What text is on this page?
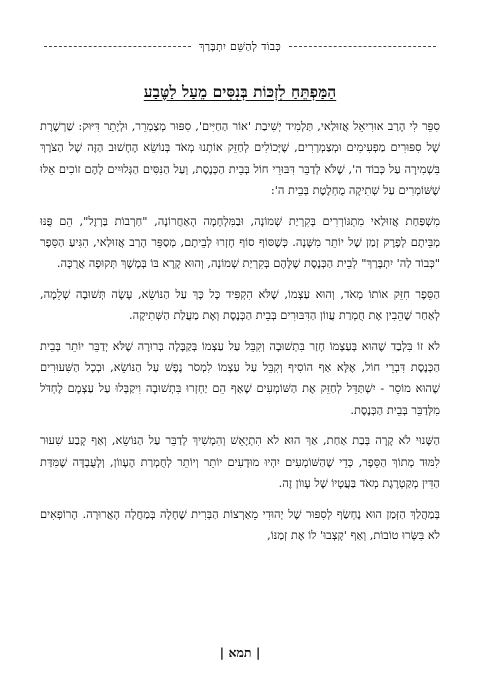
כְּבוֹד לְהַשֵּׁם יִתְבָּרַךְ
הַמַּפְתֵּחַ לִזְכּוֹת בְּנִסִּים מֵעַל לַטֶּבַע

סִפֵּר לִי הָרַב אוּרִיאֵל אֲזוּלַאי, תַּלְמִיד יְשִׁיבַת 'אוֹר הַחַיִּים', סִפּוּר מְצַמְרֵר, וּלְיָתֵר דִּיּוּק: שַׁרְשֶׁרֶת שֶׁל סִפּוּרִים מַפְעִימִים וּמְצַמְרְרִים, שֶׁיְּכוֹלִים לְחַזֵּק אוֹתָנוּ מְאֹד בְּנוֹשֵׂא הֶחָשׁוּב הַזֶּה שֶׁל הַצֹּרֶךְ בִּשְׁמִירָה עַל כְּבוֹד ה', שֶׁלֹּא לְדַבֵּר דִּבּוּרֵי חוֹל בְּבֵית הַכְּנֶסֶת, וְעַל הַנִּסִּים הַגְּלוּיִים לָהֶם זוֹכִים אֵלּוּ שֶׁשּׁוֹמְרִים עַל שְׁתִיקָה מֻחְלֶטֶת בְּבֵית ה':

מִשְׁפַּחַת אֲזוּלַאי מִתְגּוֹרְרִים בְּקִרְיַת שְׁמוֹנָה, וּבַמִּלְחָמָה הָאַחֲרוֹנָה, "חַרְבוֹת בַּרְזֶל", הֵם פֻּנּוּ מְבֵּיתָם לְפֶרֶק זְמַן שֶׁל יוֹתֵר מִשָּׁנָה. כְּשֶׁסּוֹף סוֹף חָזְרוּ לְבֵיתָם, מְסַפֵּר הָרַב אֲזוּלַאי, הִגִּיעַ הַסֵּפֶר "כְּבוֹד לַה' יִתְבָּרַךְ" לְבֵית הַכְּנֶסֶת שֶׁלָּהֶם בְּקִרְיַת שְׁמוֹנָה, וְהוּא קָרָא בּוֹ בְּמֶשֶׁךְ תְּקוּפָה אֲרֻכָּה.

הַסֵּפֶר חִזֵּק אוֹתוֹ מְאֹד, וְהוּא עַצְמוֹ, שֶׁלֹּא הִקְפִּיד כָּל כָּךְ עַל הַנּוֹשֵׂא, עָשָׂה תְּשׁוּבָה שְׁלֵמָה, לְאַחַר שֶׁהֵבִין אֶת חֻמְרַת עֲווֹן הַדִּבּוּרִים בְּבֵית הַכְּנֶסֶת וְאֶת מַעֲלַת הַשְּׁתִיקָה.

לֹא זוֹ בִּלְבַד שֶׁהוּא בְּעַצְמוֹ חָזַר בִּתְשׁוּבָה וְקִבֵּל עַל עַצְמוֹ בְּקַבָּלָה בְּרוּרָה שֶׁלֹּא יְדַבֵּר יוֹתֵר בְּבֵית הַכְּנֶסֶת דִּבְרֵי חוֹל, אֶלָּא אַף הוֹסִיף וְקִבֵּל עַל עַצְמוֹ לִמְסֹר נֶפֶשׁ עַל הַנּוֹשֵׂא, וּבְכָל הַשִּׁעוּרִים שֶׁהוּא מוֹסֵר - יִשְׁתַּדֵּל לְחַזֵּק אֶת הַשּׁוֹמְעִים שֶׁאַף הֵם יַחְזְרוּ בִּתְשׁוּבָה וִיקַבְּלוּ עַל עַצְמָם לֶחְדֹּל מִלְּדַבֵּר בְּבֵית הַכְּנֶסֶת.

הַשָּׁנוּי לֹא קָרָה בְּבַת אַחַת, אַךְ הוּא לֹא הִתְיָאֵשׁ וְהִמְשִׁיךְ לְדַבֵּר עַל הַנּוֹשֵׂא, וְאַף קָבַע שִׁעוּר לִמּוּד מְתוֹךְ הַסֵּפֶר, כְּדֵי שֶׁהַשּׁוֹמְעִים יִהְיוּ מוּדָעִים יוֹתֵר וְיוֹתֵר לְחֻמְרַת הֶעָווֹן, וְלָעֻבְדָּה שֶׁמִּדַּת הַדִּין מְקַטְרֶגֶת מְאֹד בַּעֲטָיוֹ שֶׁל עָווֹן זֶה.

בְּמַהֲלַךְ הַזְּמַן הוּא נֶחְשַׂף לְסִפּוּר שֶׁל יְהוּדִי מֵאַרְצוֹת הַבְּרִית שֶׁחָלָה בְּמַחֲלָה הָאֲרוּרָה. הָרוֹפְאִים לֹא בִּשְּׂרוּ טוֹבוֹת, וְאַף 'קָצְבוּ' לוֹ אֶת זְמַנּוֹ,

| תמא |
